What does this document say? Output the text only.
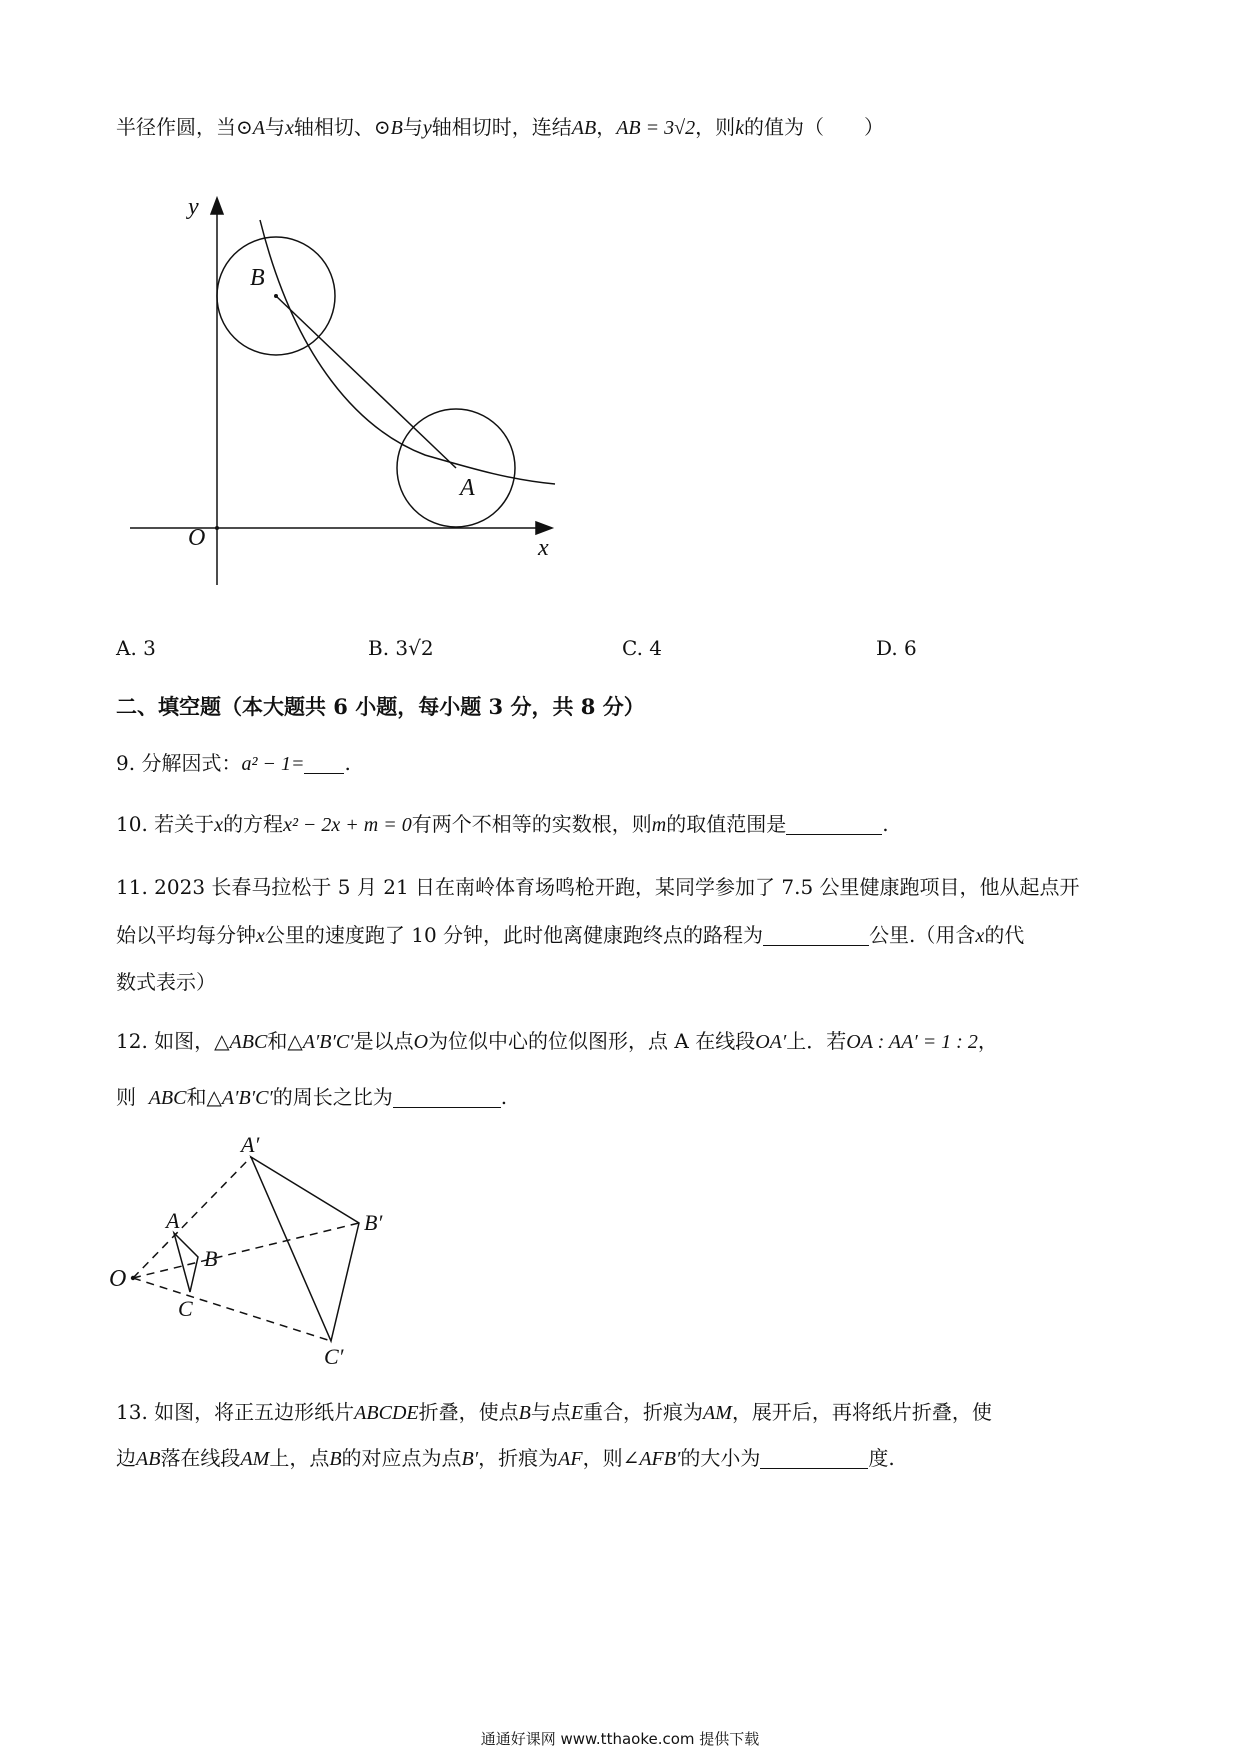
半径作圆，当⊙A与x轴相切、⊙B与y轴相切时，连结AB，AB = 3√2，则k的值为（　　）
y
x
O
B
A
A. 3	B. 3√2	C. 4	D. 6
二、填空题（本大题共 6 小题，每小题 3 分，共 8 分）
9. 分解因式：a² − 1= .
10. 若关于x的方程x² − 2x + m = 0有两个不相等的实数根，则m的取值范围是	.
11. 2023 长春马拉松于 5 月 21 日在南岭体育场鸣枪开跑，某同学参加了 7.5 公里健康跑项目，他从起点开
始以平均每分钟x公里的速度跑了 10 分钟，此时他离健康跑终点的路程为	公里.（用含x的代
数式表示）
12. 如图，△ABC和△A′B′C′是以点O为位似中心的位似图形，点 A 在线段OA′上．若OA : AA′ = 1 : 2，
则 ABC和△A′B′C′的周长之比为	.
O
A
B
C
A′
B′
C′
13. 如图，将正五边形纸片ABCDE折叠，使点B与点E重合，折痕为AM，展开后，再将纸片折叠，使
边AB落在线段AM上，点B的对应点为点B′，折痕为AF，则∠AFB′的大小为	度.
通通好课网 www.tthaoke.com 提供下载
